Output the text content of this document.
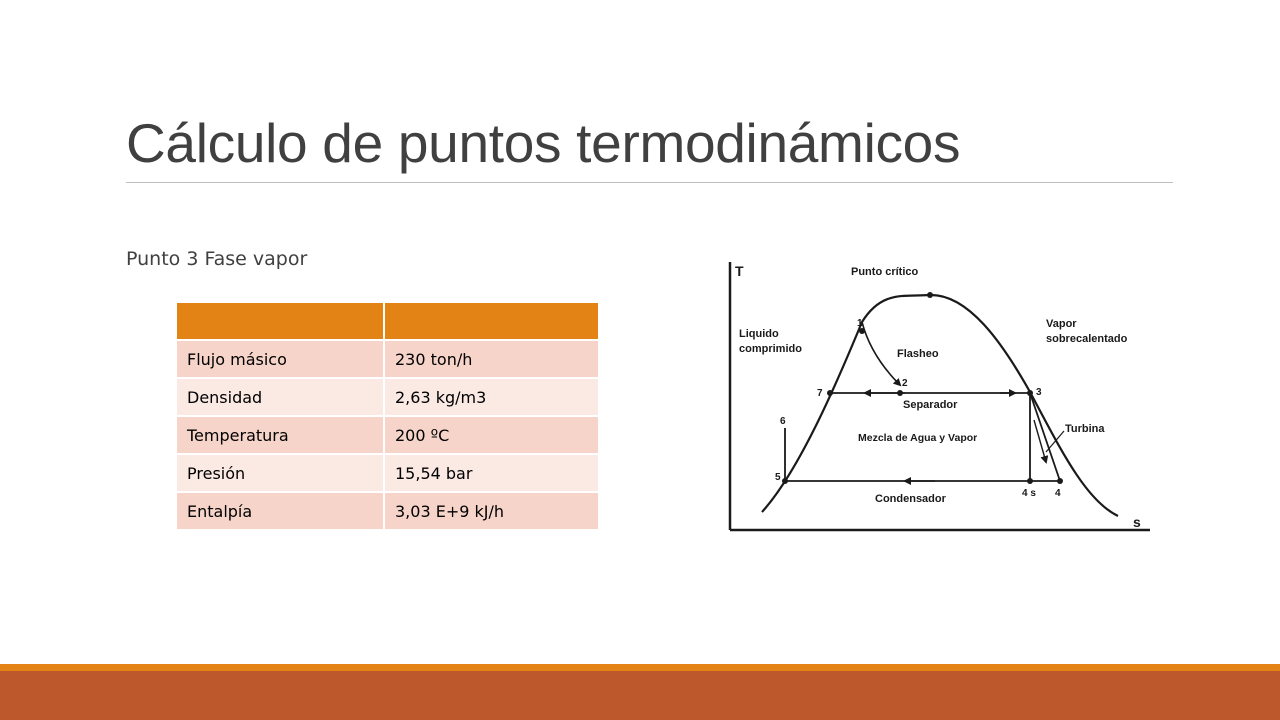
Cálculo de puntos termodinámicos
Punto 3 Fase vapor

Flujo másico	230 ton/h
Densidad	2,63 kg/m3
Temperatura	200 ºC
Presión	15,54 bar
Entalpía	3,03 E+9 kJ/h
T
s
Punto crítico
Liquido
comprimido
Vapor
sobrecalentado
Flasheo
Separador
Mezcla de Agua y Vapor
Turbina
Condensador
1
2
3
4
4 s
5
6
7
